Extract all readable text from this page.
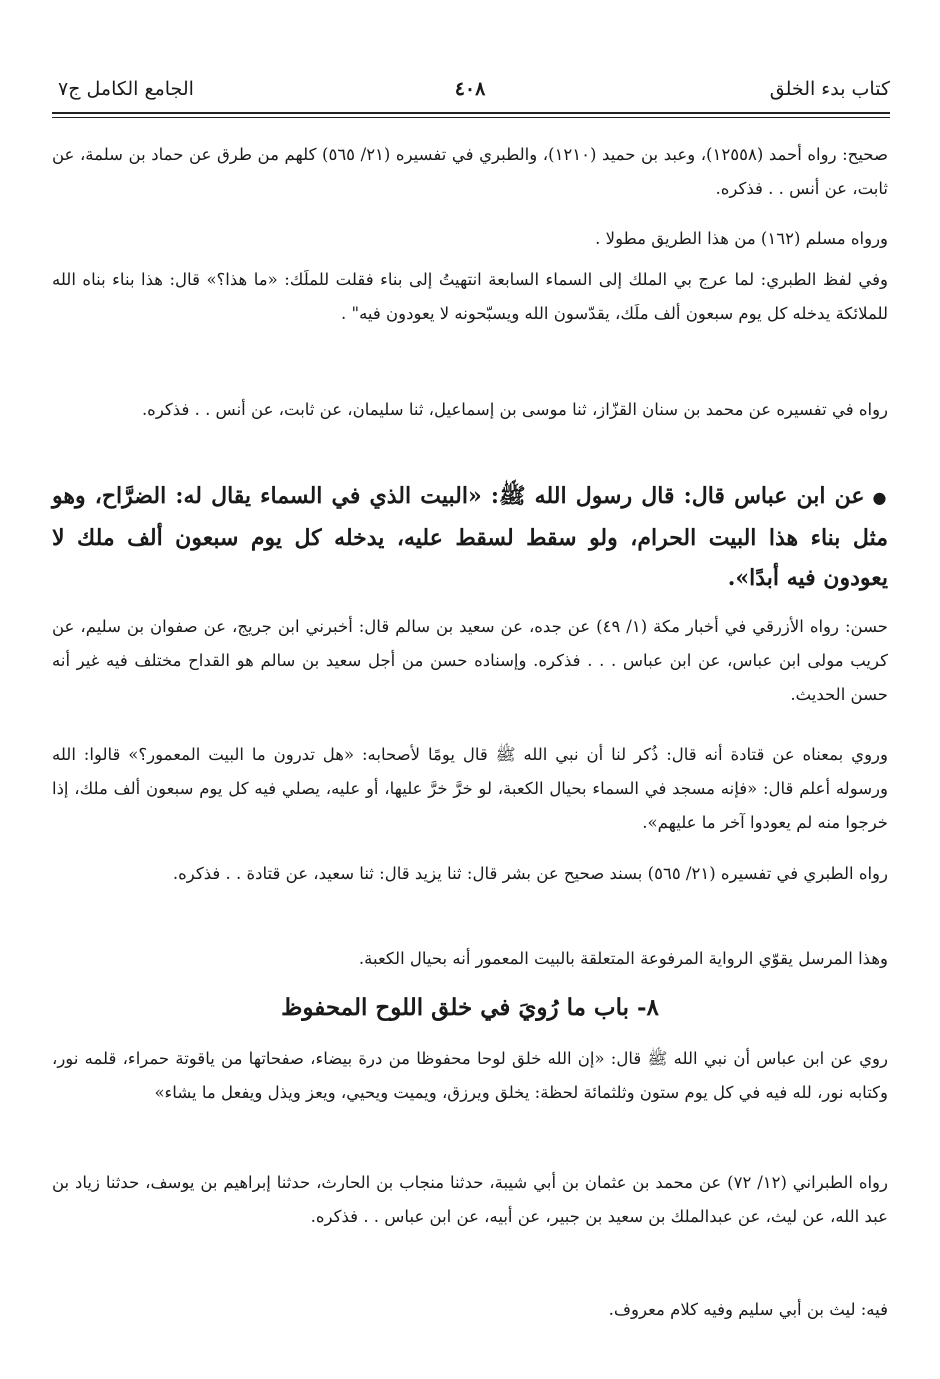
كتاب بدء الخلق
٤٠٨
الجامع الكامل ج٧

صحيح: رواه أحمد (١٢٥٥٨)، وعبد بن حميد (١٢١٠)، والطبري في تفسيره (٢١/ ٥٦٥) كلهم من طرق عن حماد بن سلمة، عن ثابت، عن أنس . . فذكره.

ورواه مسلم (١٦٢) من هذا الطريق مطولا .

وفي لفظ الطبري: لما عرج بي الملك إلى السماء السابعة انتهيتُ إلى بناء فقلت للملَك: «ما هذا؟» قال: هذا بناء بناه الله للملائكة يدخله كل يوم سبعون ألف ملَك، يقدّسون الله ويسبّحونه لا يعودون فيه" .

رواه في تفسيره عن محمد بن سنان القزّاز، ثنا موسى بن إسماعيل، ثنا سليمان، عن ثابت، عن أنس . . فذكره.

●عن ابن عباس قال: قال رسول الله ﷺ: «البيت الذي في السماء يقال له: الضرَّاح، وهو مثل بناء هذا البيت الحرام، ولو سقط لسقط عليه، يدخله كل يوم سبعون ألف ملك لا يعودون فيه أبدًا».

حسن: رواه الأزرقي في أخبار مكة (١/ ٤٩) عن جده، عن سعيد بن سالم قال: أخبرني ابن جريج، عن صفوان بن سليم، عن كريب مولى ابن عباس، عن ابن عباس . . . فذكره. وإسناده حسن من أجل سعيد بن سالم هو القداح مختلف فيه غير أنه حسن الحديث.

وروي بمعناه عن قتادة أنه قال: ذُكر لنا أن نبي الله ﷺ قال يومًا لأصحابه: «هل تدرون ما البيت المعمور؟» قالوا: الله ورسوله أعلم قال: «فإنه مسجد في السماء بحيال الكعبة، لو خرَّ خرَّ عليها، أو عليه، يصلي فيه كل يوم سبعون ألف ملك، إذا خرجوا منه لم يعودوا آخر ما عليهم».

رواه الطبري في تفسيره (٢١/ ٥٦٥) بسند صحيح عن بشر قال: ثنا يزيد قال: ثنا سعيد، عن قتادة . . فذكره.

وهذا المرسل يقوّي الرواية المرفوعة المتعلقة بالبيت المعمور أنه بحيال الكعبة.

٨- باب ما رُويَ في خلق اللوح المحفوظ

روي عن ابن عباس أن نبي الله ﷺ قال: «إن الله خلق لوحا محفوظا من درة بيضاء، صفحاتها من ياقوتة حمراء، قلمه نور، وكتابه نور، لله فيه في كل يوم ستون وثلثمائة لحظة: يخلق ويرزق، ويميت ويحيي، ويعز ويذل ويفعل ما يشاء»

رواه الطبراني (١٢/ ٧٢) عن محمد بن عثمان بن أبي شيبة، حدثنا منجاب بن الحارث، حدثنا إبراهيم بن يوسف، حدثنا زياد بن عبد الله، عن ليث، عن عبدالملك بن سعيد بن جبير، عن أبيه، عن ابن عباس . . فذكره.

فيه: ليث بن أبي سليم وفيه كلام معروف.
